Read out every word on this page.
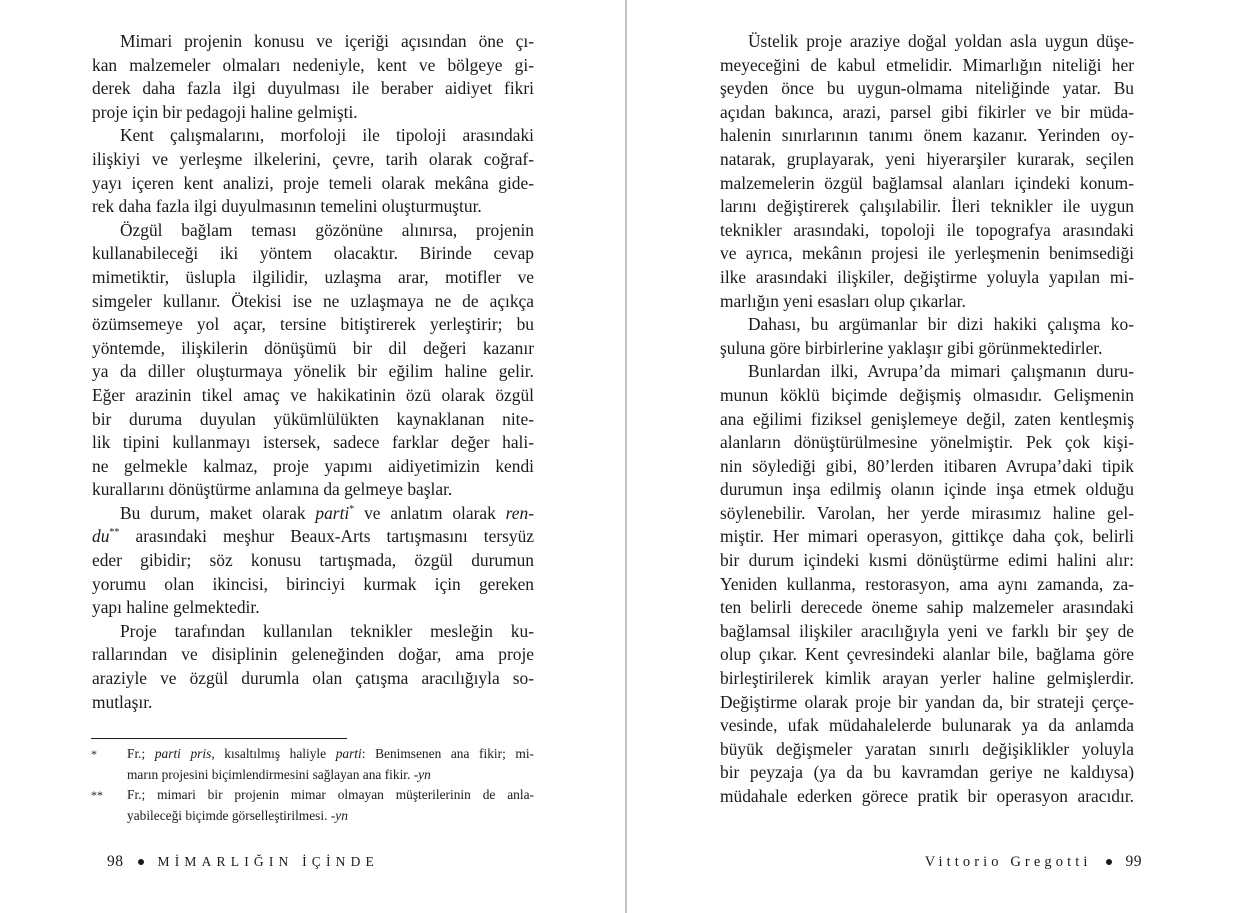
Mimari projenin konusu ve içeriği açısından öne çı-
kan malzemeler olmaları nedeniyle, kent ve bölgeye gi-
derek daha fazla ilgi duyulması ile beraber aidiyet fikri
proje için bir pedagoji haline gelmişti.

Kent çalışmalarını, morfoloji ile tipoloji arasındaki
ilişkiyi ve yerleşme ilkelerini, çevre, tarih olarak coğraf-
yayı içeren kent analizi, proje temeli olarak mekâna gide-
rek daha fazla ilgi duyulmasının temelini oluşturmuştur.

Özgül bağlam teması gözönüne alınırsa, projenin
kullanabileceği iki yöntem olacaktır. Birinde cevap
mimetiktir, üslupla ilgilidir, uzlaşma arar, motifler ve
simgeler kullanır. Ötekisi ise ne uzlaşmaya ne de açıkça
özümsemeye yol açar, tersine bitiştirerek yerleştirir; bu
yöntemde, ilişkilerin dönüşümü bir dil değeri kazanır
ya da diller oluşturmaya yönelik bir eğilim haline gelir.
Eğer arazinin tikel amaç ve hakikatinin özü olarak özgül
bir duruma duyulan yükümlülükten kaynaklanan nite-
lik tipini kullanmayı istersek, sadece farklar değer hali-
ne gelmekle kalmaz, proje yapımı aidiyetimizin kendi
kurallarını dönüştürme anlamına da gelmeye başlar.

Bu durum, maket olarak parti* ve anlatım olarak ren-
du** arasındaki meşhur Beaux-Arts tartışmasını tersyüz
eder gibidir; söz konusu tartışmada, özgül durumun
yorumu olan ikincisi, birinciyi kurmak için gereken
yapı haline gelmektedir.

Proje tarafından kullanılan teknikler mesleğin ku-
rallarından ve disiplinin geleneğinden doğar, ama proje
araziyle ve özgül durumla olan çatışma aracılığıyla so-
mutlaşır.

* Fr.; parti pris, kısaltılmış haliyle parti: Benimsenen ana fikir; mi-
marın projesini biçimlendirmesini sağlayan ana fikir. -yn
** Fr.; mimari bir projenin mimar olmayan müşterilerinin de anla-
yabileceği biçimde görselleştirilmesi. -yn
98	MİMARLIĞIN İÇİNDE

Üstelik proje araziye doğal yoldan asla uygun düşe-
meyeceğini de kabul etmelidir. Mimarlığın niteliği her
şeyden önce bu uygun-olmama niteliğinde yatar. Bu
açıdan bakınca, arazi, parsel gibi fikirler ve bir müda-
halenin sınırlarının tanımı önem kazanır. Yerinden oy-
natarak, gruplayarak, yeni hiyerarşiler kurarak, seçilen
malzemelerin özgül bağlamsal alanları içindeki konum-
larını değiştirerek çalışılabilir. İleri teknikler ile uygun
teknikler arasındaki, topoloji ile topografya arasındaki
ve ayrıca, mekânın projesi ile yerleşmenin benimsediği
ilke arasındaki ilişkiler, değiştirme yoluyla yapılan mi-
marlığın yeni esasları olup çıkarlar.

Dahası, bu argümanlar bir dizi hakiki çalışma ko-
şuluna göre birbirlerine yaklaşır gibi görünmektedirler.

Bunlardan ilki, Avrupa’da mimari çalışmanın duru-
munun köklü biçimde değişmiş olmasıdır. Gelişmenin
ana eğilimi fiziksel genişlemeye değil, zaten kentleşmiş
alanların dönüştürülmesine yönelmiştir. Pek çok kişi-
nin söylediği gibi, 80’lerden itibaren Avrupa’daki tipik
durumun inşa edilmiş olanın içinde inşa etmek olduğu
söylenebilir. Varolan, her yerde mirasımız haline gel-
miştir. Her mimari operasyon, gittikçe daha çok, belirli
bir durum içindeki kısmi dönüştürme edimi halini alır:
Yeniden kullanma, restorasyon, ama aynı zamanda, za-
ten belirli derecede öneme sahip malzemeler arasındaki
bağlamsal ilişkiler aracılığıyla yeni ve farklı bir şey de
olup çıkar. Kent çevresindeki alanlar bile, bağlama göre
birleştirilerek kimlik arayan yerler haline gelmişlerdir.
Değiştirme olarak proje bir yandan da, bir strateji çerçe-
vesinde, ufak müdahalelerde bulunarak ya da anlamda
büyük değişmeler yaratan sınırlı değişiklikler yoluyla
bir peyzaja (ya da bu kavramdan geriye ne kaldıysa)
müdahale ederken görece pratik bir operasyon aracıdır.

Vittorio Gregotti 99
